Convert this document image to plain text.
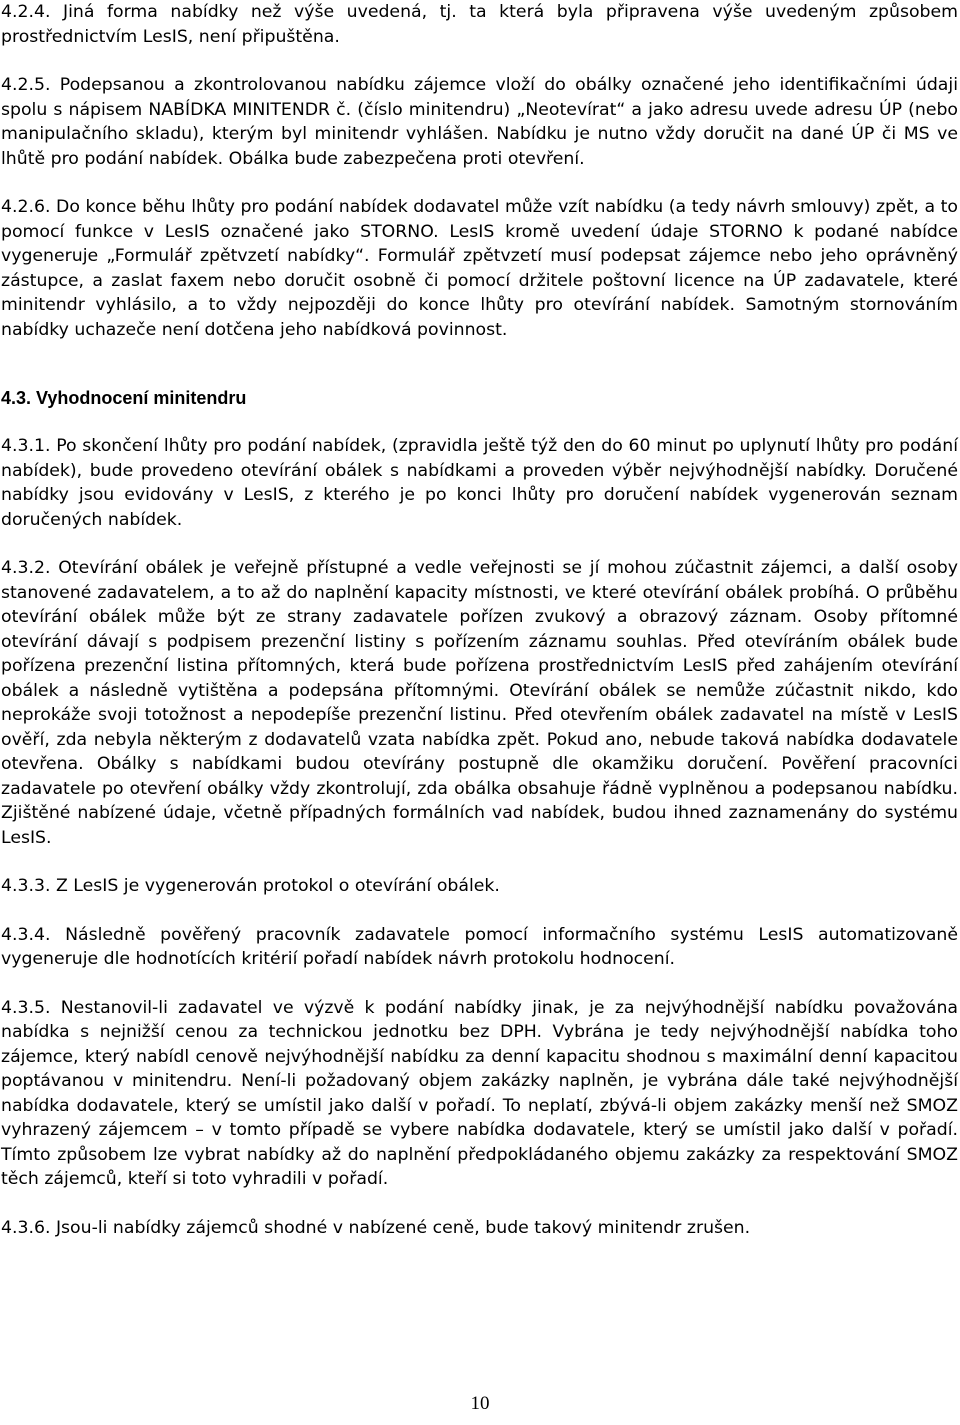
4.2.4. Jiná forma nabídky než výše uvedená, tj. ta která byla připravena výše uvedeným způsobem prostřednictvím LesIS, není připuštěna.

4.2.5. Podepsanou a zkontrolovanou nabídku zájemce vloží do obálky označené jeho identifikačními údaji spolu s nápisem NABÍDKA MINITENDR č. (číslo minitendru) „Neotevírat“ a jako adresu uvede adresu ÚP (nebo manipulačního skladu), kterým byl minitendr vyhlášen. Nabídku je nutno vždy doručit na dané ÚP či MS ve lhůtě pro podání nabídek. Obálka bude zabezpečena proti otevření.

4.2.6. Do konce běhu lhůty pro podání nabídek dodavatel může vzít nabídku (a tedy návrh smlouvy) zpět, a to pomocí funkce v LesIS označené jako STORNO. LesIS kromě uvedení údaje STORNO k podané nabídce vygeneruje „Formulář zpětvzetí nabídky“. Formulář zpětvzetí musí podepsat zájemce nebo jeho oprávněný zástupce, a zaslat faxem nebo doručit osobně či pomocí držitele poštovní licence na ÚP zadavatele, které minitendr vyhlásilo, a to vždy nejpozději do konce lhůty pro otevírání nabídek. Samotným stornováním nabídky uchazeče není dotčena jeho nabídková povinnost.

4.3. Vyhodnocení minitendru

4.3.1. Po skončení lhůty pro podání nabídek, (zpravidla ještě týž den do 60 minut po uplynutí lhůty pro podání nabídek), bude provedeno otevírání obálek s nabídkami a proveden výběr nejvýhodnější nabídky. Doručené nabídky jsou evidovány v LesIS, z kterého je po konci lhůty pro doručení nabídek vygenerován seznam doručených nabídek.

4.3.2. Otevírání obálek je veřejně přístupné a vedle veřejnosti se jí mohou zúčastnit zájemci, a další osoby stanovené zadavatelem, a to až do naplnění kapacity místnosti, ve které otevírání obálek probíhá. O průběhu otevírání obálek může být ze strany zadavatele pořízen zvukový a obrazový záznam. Osoby přítomné otevírání dávají s podpisem prezenční listiny s pořízením záznamu souhlas. Před otevíráním obálek bude pořízena prezenční listina přítomných, která bude pořízena prostřednictvím LesIS před zahájením otevírání obálek a následně vytištěna a podepsána přítomnými. Otevírání obálek se nemůže zúčastnit nikdo, kdo neprokáže svoji totožnost a nepodepíše prezenční listinu. Před otevřením obálek zadavatel na místě v LesIS ověří, zda nebyla některým z dodavatelů vzata nabídka zpět. Pokud ano, nebude taková nabídka dodavatele otevřena. Obálky s nabídkami budou otevírány postupně dle okamžiku doručení. Pověření pracovníci zadavatele po otevření obálky vždy zkontrolují, zda obálka obsahuje řádně vyplněnou a podepsanou nabídku. Zjištěné nabízené údaje, včetně případných formálních vad nabídek, budou ihned zaznamenány do systému LesIS.

4.3.3. Z LesIS je vygenerován protokol o otevírání obálek.

4.3.4. Následně pověřený pracovník zadavatele pomocí informačního systému LesIS automatizovaně vygeneruje dle hodnotících kritérií pořadí nabídek návrh protokolu hodnocení.

4.3.5. Nestanovil-li zadavatel ve výzvě k podání nabídky jinak, je za nejvýhodnější nabídku považována nabídka s nejnižší cenou za technickou jednotku bez DPH. Vybrána je tedy nejvýhodnější nabídka toho zájemce, který nabídl cenově nejvýhodnější nabídku za denní kapacitu shodnou s maximální denní kapacitou poptávanou v minitendru. Není-li požadovaný objem zakázky naplněn, je vybrána dále také nejvýhodnější nabídka dodavatele, který se umístil jako další v pořadí. To neplatí, zbývá-li objem zakázky menší než SMOZ vyhrazený zájemcem – v tomto případě se vybere nabídka dodavatele, který se umístil jako další v pořadí. Tímto způsobem lze vybrat nabídky až do naplnění předpokládaného objemu zakázky za respektování SMOZ těch zájemců, kteří si toto vyhradili v pořadí.

4.3.6. Jsou-li nabídky zájemců shodné v nabízené ceně, bude takový minitendr zrušen.

10
